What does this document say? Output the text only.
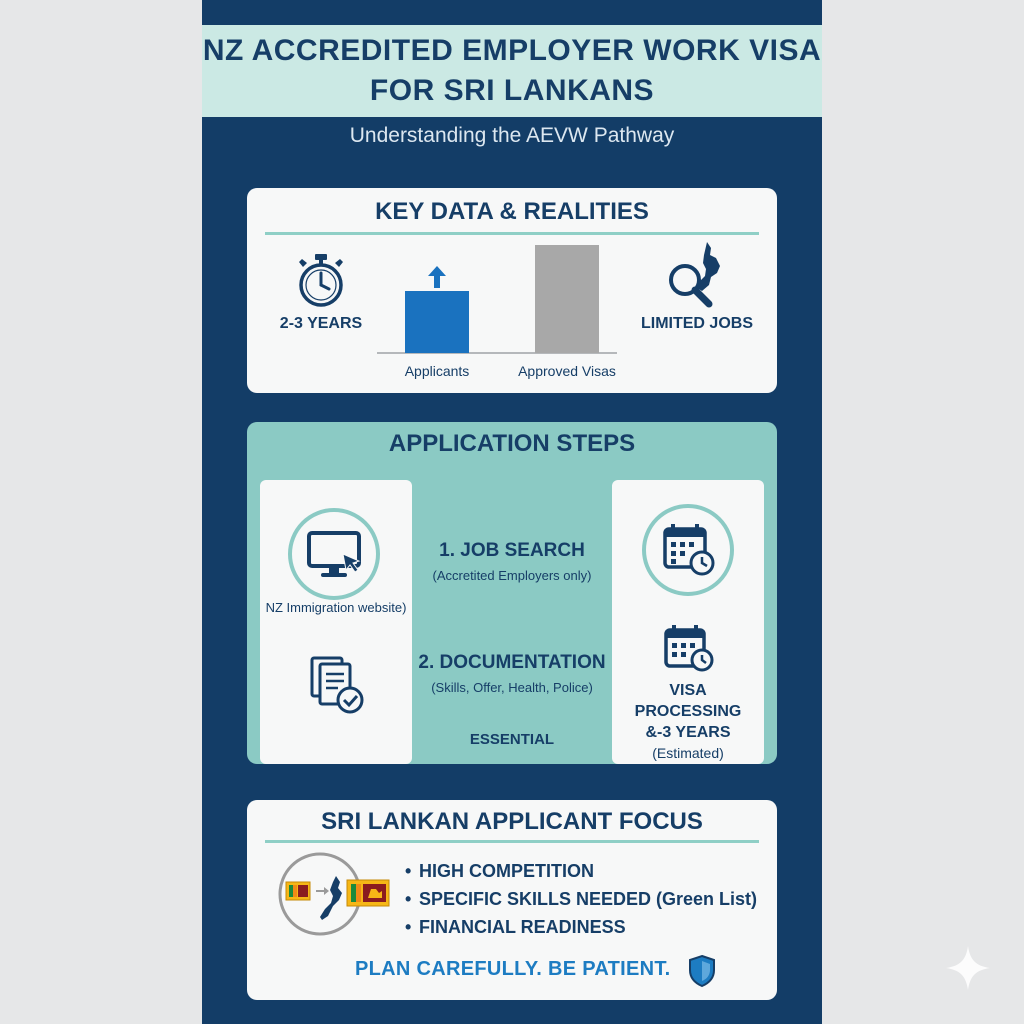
NZ ACCREDITED EMPLOYER WORK VISA
FOR SRI LANKANS
Understanding the AEVW Pathway
KEY DATA & REALITIES
2-3 YEARS
Applicants	Approved Visas
LIMITED JOBS
APPLICATION STEPS
NZ Immigration website)
1. JOB SEARCH
(Accretited Employers only)
2. DOCUMENTATION
(Skills, Offer, Health, Police)
ESSENTIAL
VISA
PROCESSING
&-3 YEARS
(Estimated)
SRI LANKAN APPLICANT FOCUS
• HIGH COMPETITION
• SPECIFIC SKILLS NEEDED (Green List)
• FINANCIAL READINESS
PLAN CAREFULLY. BE PATIENT.
